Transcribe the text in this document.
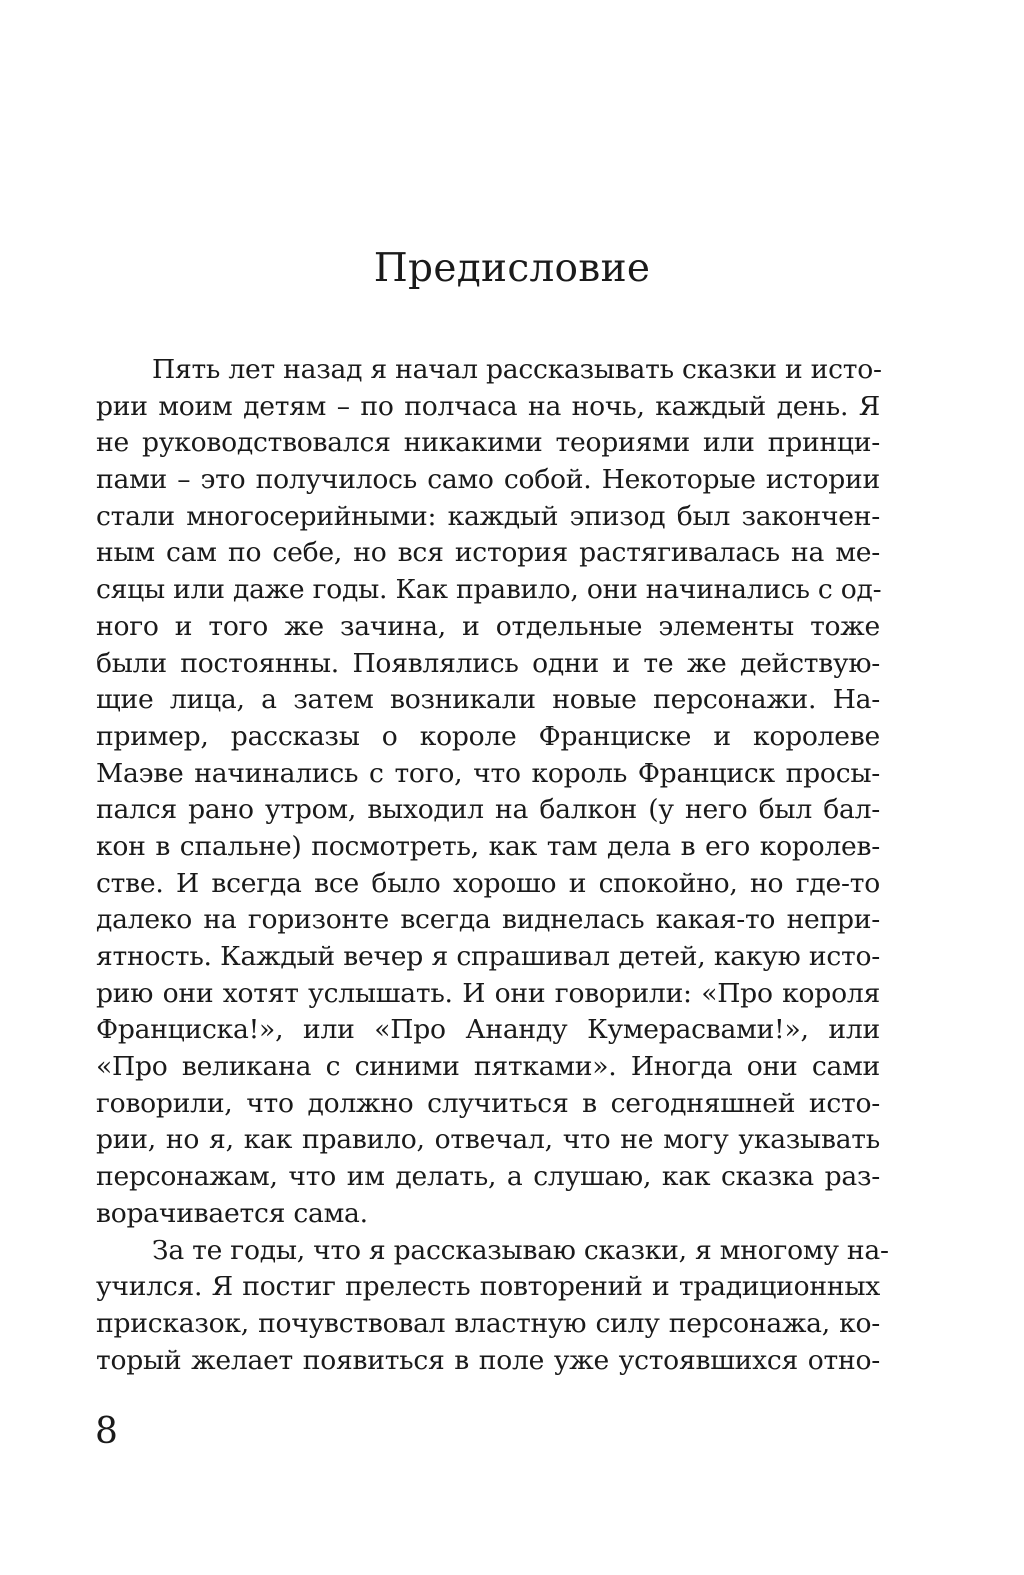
Предисловие
Пять лет назад я начал рассказывать сказки и исто-
рии моим детям – по полчаса на ночь, каждый день. Я
не руководствовался никакими теориями или принци-
пами – это получилось само собой. Некоторые истории
стали многосерийными: каждый эпизод был закончен-
ным сам по себе, но вся история растягивалась на ме-
сяцы или даже годы. Как правило, они начинались с од-
ного и того же зачина, и отдельные элементы тоже
были постоянны. Появлялись одни и те же действую-
щие лица, а затем возникали новые персонажи. На-
пример, рассказы о короле Франциске и королеве
Маэве начинались с того, что король Франциск просы-
пался рано утром, выходил на балкон (у него был бал-
кон в спальне) посмотреть, как там дела в его королев-
стве. И всегда все было хорошо и спокойно, но где-то
далеко на горизонте всегда виднелась какая-то непри-
ятность. Каждый вечер я спрашивал детей, какую исто-
рию они хотят услышать. И они говорили: «Про короля
Франциска!», или «Про Ананду Кумерасвами!», или
«Про великана с синими пятками». Иногда они сами
говорили, что должно случиться в сегодняшней исто-
рии, но я, как правило, отвечал, что не могу указывать
персонажам, что им делать, а слушаю, как сказка раз-
ворачивается сама.
За те годы, что я рассказываю сказки, я многому на-
учился. Я постиг прелесть повторений и традиционных
присказок, почувствовал властную силу персонажа, ко-
торый желает появиться в поле уже устоявшихся отно-

8
